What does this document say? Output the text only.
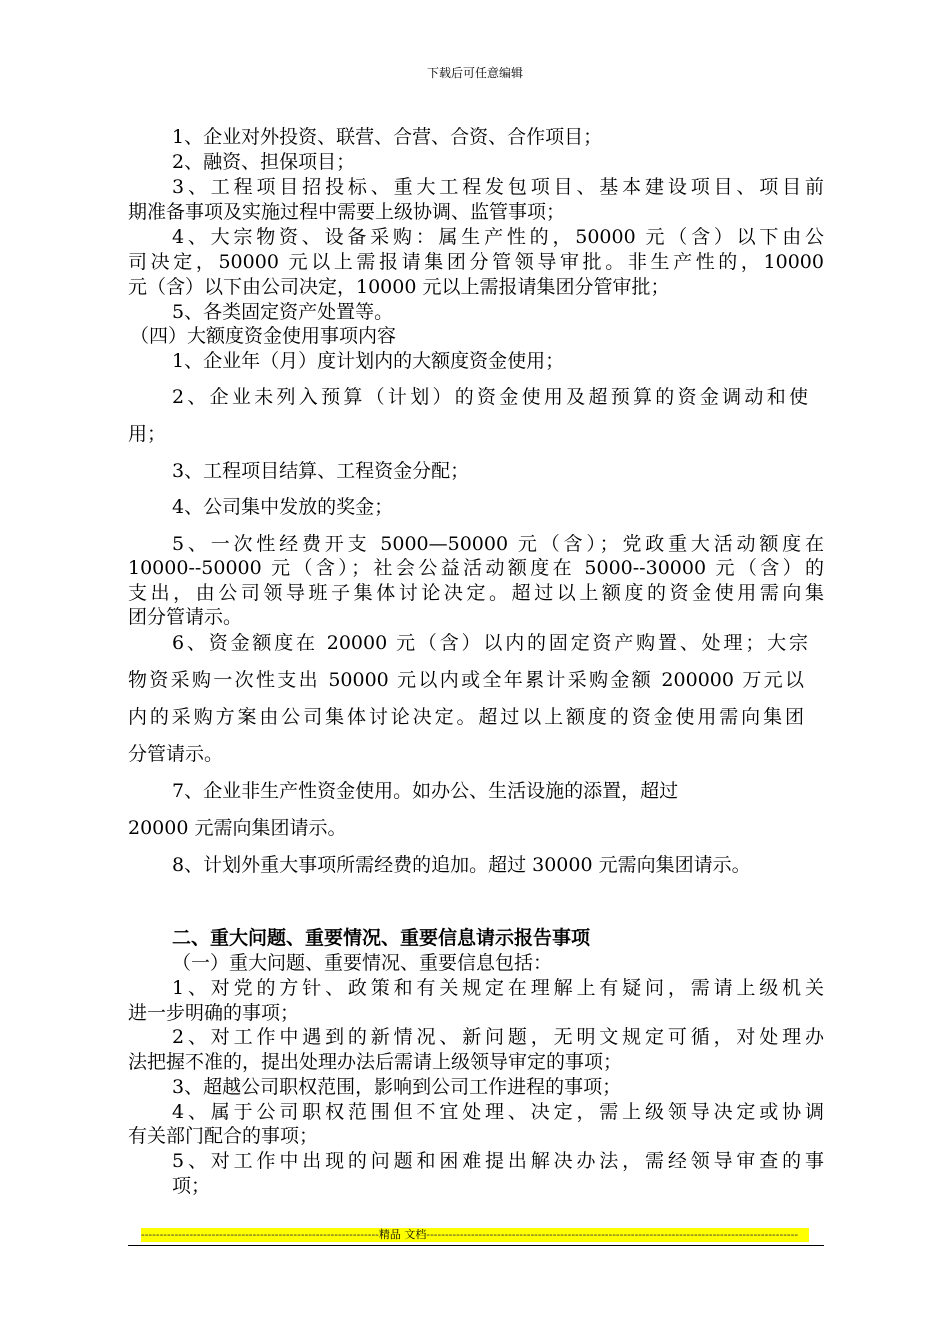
下载后可任意编辑
1、企业对外投资、联营、合营、合资、合作项目；
2、融资、担保项目；
3、工程项目招投标、重大工程发包项目、基本建设项目、项目前
期准备事项及实施过程中需要上级协调、监管事项；
4、大宗物资、设备采购：属生产性的，50000 元（含）以下由公
司决定，50000 元以上需报请集团分管领导审批。非生产性的，10000
元（含）以下由公司决定，10000 元以上需报请集团分管审批；
5、各类固定资产处置等。
（四）大额度资金使用事项内容
1、企业年（月）度计划内的大额度资金使用；
2、企业未列入预算（计划）的资金使用及超预算的资金调动和使
用；
3、工程项目结算、工程资金分配；
4、公司集中发放的奖金；
5、一次性经费开支 5000—50000 元（含）；党政重大活动额度在
10000--50000 元（含）；社会公益活动额度在 5000--30000 元（含）的
支出，由公司领导班子集体讨论决定。超过以上额度的资金使用需向集
团分管请示。
6、资金额度在 20000 元（含）以内的固定资产购置、处理；大宗
物资采购一次性支出 50000 元以内或全年累计采购金额 200000 万元以
内的采购方案由公司集体讨论决定。超过以上额度的资金使用需向集团
分管请示。
7、企业非生产性资金使用。如办公、生活设施的添置，超过
20000 元需向集团请示。
8、计划外重大事项所需经费的追加。超过 30000 元需向集团请示。
二、重大问题、重要情况、重要信息请示报告事项
（一）重大问题、重要情况、重要信息包括：
1、对党的方针、政策和有关规定在理解上有疑问，需请上级机关
进一步明确的事项；
2、对工作中遇到的新情况、新问题，无明文规定可循，对处理办
法把握不准的，提出处理办法后需请上级领导审定的事项；
3、超越公司职权范围，影响到公司工作进程的事项；
4、属于公司职权范围但不宜处理、决定，需上级领导决定或协调
有关部门配合的事项；
5、对工作中出现的问题和困难提出解决办法，需经领导审查的事
项；
----------------------------------------------------------------精品 文档----------------------------------------------------------------------------------------------------
